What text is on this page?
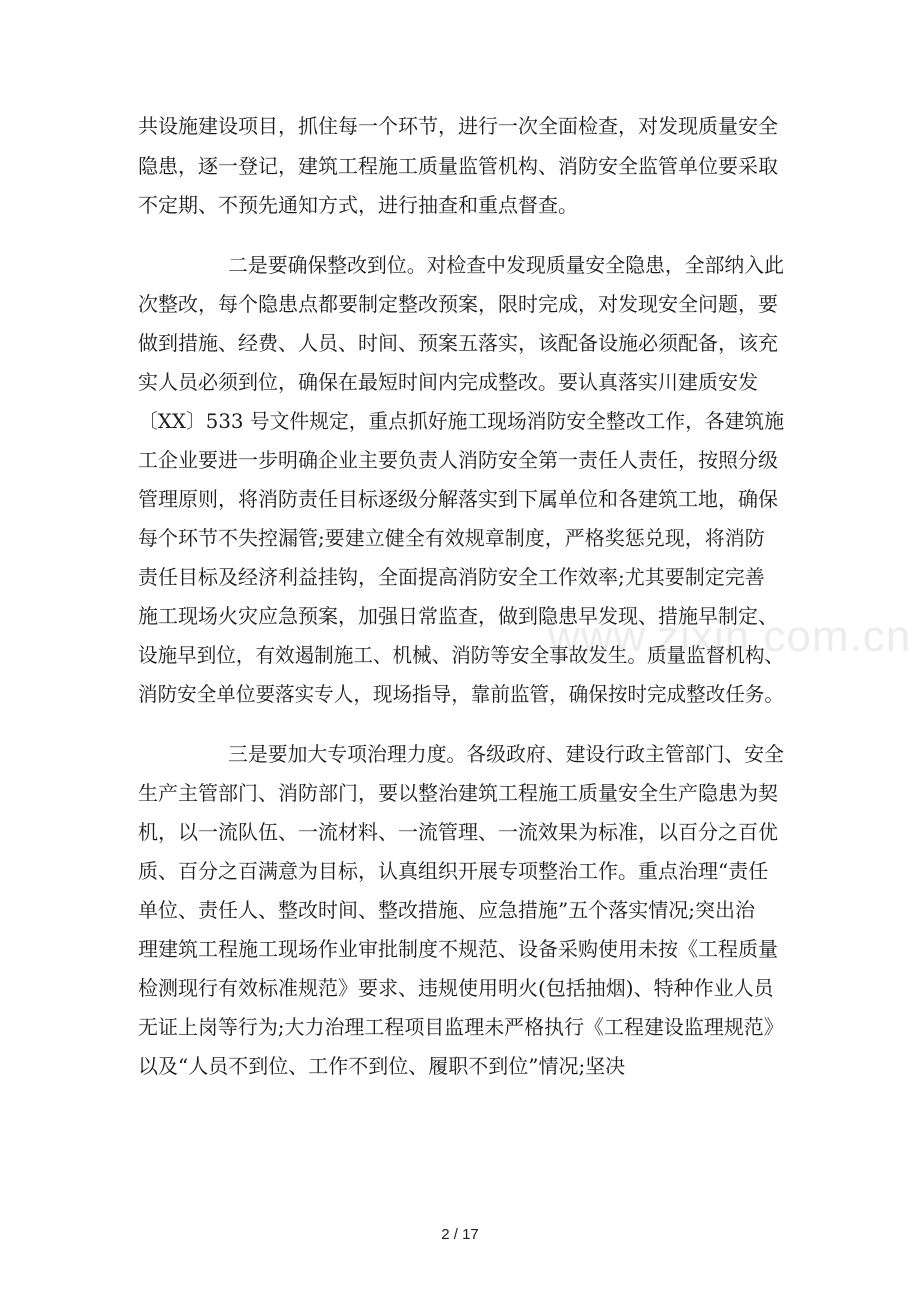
共设施建设项目，抓住每一个环节，进行一次全面检查，对发现质量安全
隐患，逐一登记，建筑工程施工质量监管机构、消防安全监管单位要采取
不定期、不预先通知方式，进行抽查和重点督查。
二是要确保整改到位。对检查中发现质量安全隐患，全部纳入此
次整改，每个隐患点都要制定整改预案，限时完成，对发现安全问题，要
做到措施、经费、人员、时间、预案五落实，该配备设施必须配备，该充
实人员必须到位，确保在最短时间内完成整改。要认真落实川建质安发
〔XX〕533 号文件规定，重点抓好施工现场消防安全整改工作，各建筑施
工企业要进一步明确企业主要负责人消防安全第一责任人责任，按照分级
管理原则，将消防责任目标逐级分解落实到下属单位和各建筑工地，确保
每个环节不失控漏管;要建立健全有效规章制度，严格奖惩兑现，将消防
责任目标及经济利益挂钩，全面提高消防安全工作效率;尤其要制定完善
施工现场火灾应急预案，加强日常监查，做到隐患早发现、措施早制定、
设施早到位，有效遏制施工、机械、消防等安全事故发生。质量监督机构、
消防安全单位要落实专人，现场指导，靠前监管，确保按时完成整改任务。
三是要加大专项治理力度。各级政府、建设行政主管部门、安全
生产主管部门、消防部门，要以整治建筑工程施工质量安全生产隐患为契
机，以一流队伍、一流材料、一流管理、一流效果为标准，以百分之百优
质、百分之百满意为目标，认真组织开展专项整治工作。重点治理“责任
单位、责任人、整改时间、整改措施、应急措施”五个落实情况;突出治
理建筑工程施工现场作业审批制度不规范、设备采购使用未按《工程质量
检测现行有效标准规范》要求、违规使用明火(包括抽烟)、特种作业人员
无证上岗等行为;大力治理工程项目监理未严格执行《工程建设监理规范》
以及“人员不到位、工作不到位、履职不到位”情况;坚决
www.zixin.com.cn
2 / 17
